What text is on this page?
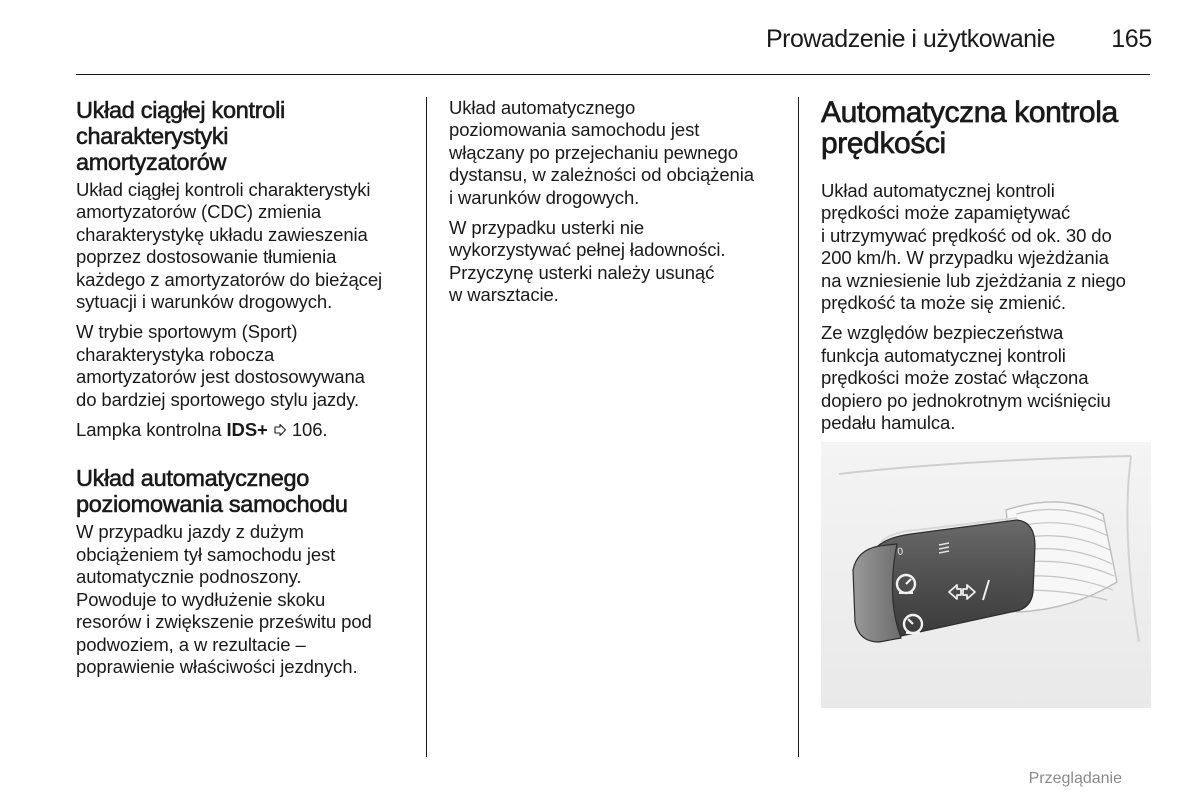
Prowadzenie i użytkowanie	165
Układ ciągłej kontroli
charakterystyki
amortyzatorów

Układ ciągłej kontroli charakterystyki
amortyzatorów (CDC) zmienia
charakterystykę układu zawieszenia
poprzez dostosowanie tłumienia
każdego z amortyzatorów do bieżącej
sytuacji i warunków drogowych.

W trybie sportowym (Sport)
charakterystyka robocza
amortyzatorów jest dostosowywana
do bardziej sportowego stylu jazdy.

Lampka kontrolna IDS+ 106.

Układ automatycznego
poziomowania samochodu

W przypadku jazdy z dużym
obciążeniem tył samochodu jest
automatycznie podnoszony.
Powoduje to wydłużenie skoku
resorów i zwiększenie prześwitu pod
podwoziem, a w rezultacie –
poprawienie właściwości jezdnych.

Układ automatycznego
poziomowania samochodu jest
włączany po przejechaniu pewnego
dystansu, w zależności od obciążenia
i warunków drogowych.

W przypadku usterki nie
wykorzystywać pełnej ładowności.
Przyczynę usterki należy usunąć
w warsztacie.

Automatyczna kontrola
prędkości

Układ automatycznej kontroli
prędkości może zapamiętywać
i utrzymywać prędkość od ok. 30 do
200 km/h. W przypadku wjeżdżania
na wzniesienie lub zjeżdżania z niego
prędkość ta może się zmienić.

Ze względów bezpieczeństwa
funkcja automatycznej kontroli
prędkości może zostać włączona
dopiero po jednokrotnym wciśnięciu
pedału hamulca.

0
Przeglądanie
